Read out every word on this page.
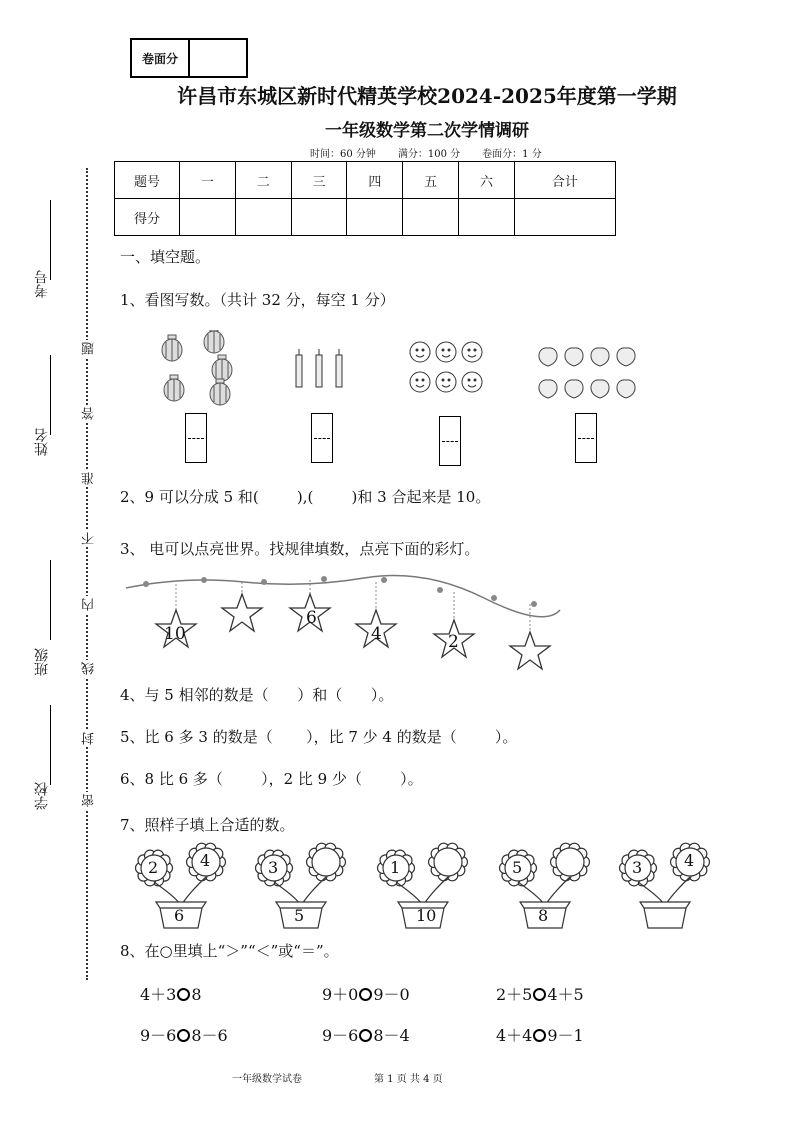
卷面分
许昌市东城区新时代精英学校2024-2025年度第一学期
一年级数学第二次学情调研
时间：60 分钟 满分：100 分 卷面分：1 分
题号	一	二	三	四	五	六	合计
得分							
考号
姓名
班级
学校 密
封
线
内
不
准
答
题
一、填空题。
1、看图写数。（共计 32 分，每空 1 分）
2、9 可以分成 5 和(        ),(        )和 3 合起来是 10。
3、 电可以点亮世界。找规律填数，点亮下面的彩灯。
10
6
4	2
4、与 5 相邻的数是（      ）和（      ）。
5、比 6 多 3 的数是（       ），比 7 少 4 的数是（        ）。
6、8 比 6 多（        ），2 比 9 少（        ）。
7、照样子填上合适的数。
2	4
6
3
5
1
10
5
8
3	4
8、在○里填上“＞”“＜”或“＝”。
4＋3 8	9＋0 9－0	2＋5 4＋5
9－6 8－6	9－6 8－4	4＋4 9－1
一年级数学试卷	第 1 页 共 4 页
